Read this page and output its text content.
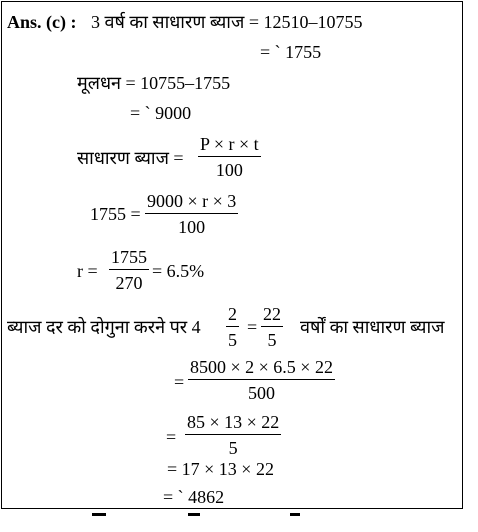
Ans. (c) : 3 वर्ष का साधारण ब्याज = 12510–10755
= ` 1755
मूलधन = 10755–1755
= ` 9000
साधारण ब्याज =
P × r × t
100
1755 =
9000 × r × 3
100
r =
1755
270
= 6.5%
ब्याज दर को दोगुना करने पर 4
2
5
=
22
5
वर्षों का साधारण ब्याज
=
8500 × 2 × 6.5 × 22
500
=
85 × 13 × 22
5
= 17 × 13 × 22
= ` 4862
